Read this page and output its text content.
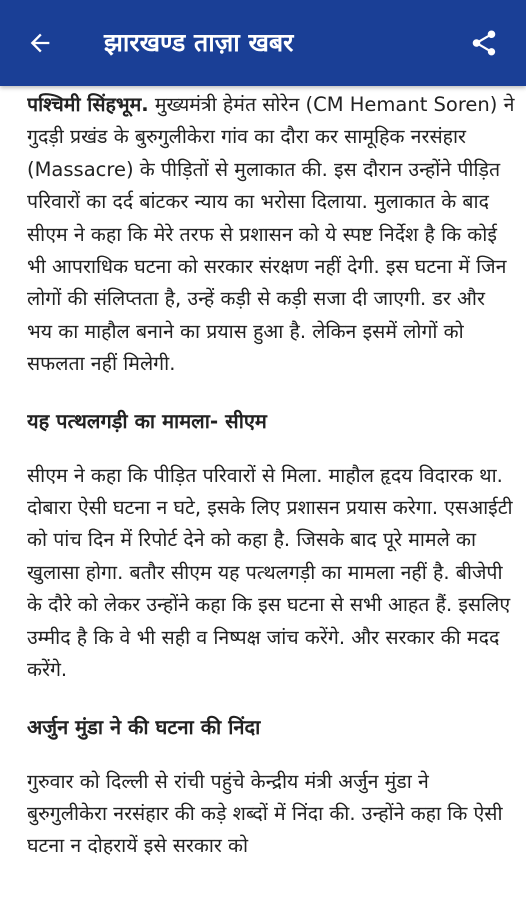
झारखण्ड ताज़ा खबर

पश्चिमी सिंहभूम. मुख्यमंत्री हेमंत सोरेन (CM Hemant Soren) ने गुदड़ी प्रखंड के बुरुगुलीकेरा गांव का दौरा कर सामूहिक नरसंहार (Massacre) के पीड़ितों से मुलाकात की. इस दौरान उन्होंने पीड़ित परिवारों का दर्द बांटकर न्याय का भरोसा दिलाया. मुलाकात के बाद सीएम ने कहा कि मेरे तरफ से प्रशासन को ये स्पष्ट निर्देश है कि कोई भी आपराधिक घटना को सरकार संरक्षण नहीं देगी. इस घटना में जिन लोगों की संलिप्तता है, उन्हें कड़ी से कड़ी सजा दी जाएगी. डर और भय का माहौल बनाने का प्रयास हुआ है. लेकिन इसमें लोगों को सफलता नहीं मिलेगी.

यह पत्थलगड़ी का मामला- सीएम

सीएम ने कहा कि पीड़ित परिवारों से मिला. माहौल हृदय विदारक था. दोबारा ऐसी घटना न घटे, इसके लिए प्रशासन प्रयास करेगा. एसआईटी को पांच दिन में रिपोर्ट देने को कहा है. जिसके बाद पूरे मामले का खुलासा होगा. बतौर सीएम यह पत्थलगड़ी का मामला नहीं है. बीजेपी के दौरे को लेकर उन्होंने कहा कि इस घटना से सभी आहत हैं. इसलिए उम्मीद है कि वे भी सही व निष्पक्ष जांच करेंगे. और सरकार की मदद करेंगे.

अर्जुन मुंडा ने की घटना की निंदा

गुरुवार को दिल्ली से रांची पहुंचे केन्द्रीय मंत्री अर्जुन मुंडा ने बुरुगुलीकेरा नरसंहार की कड़े शब्दों में निंदा की. उन्होंने कहा कि ऐसी घटना न दोहरायें इसे सरकार को
